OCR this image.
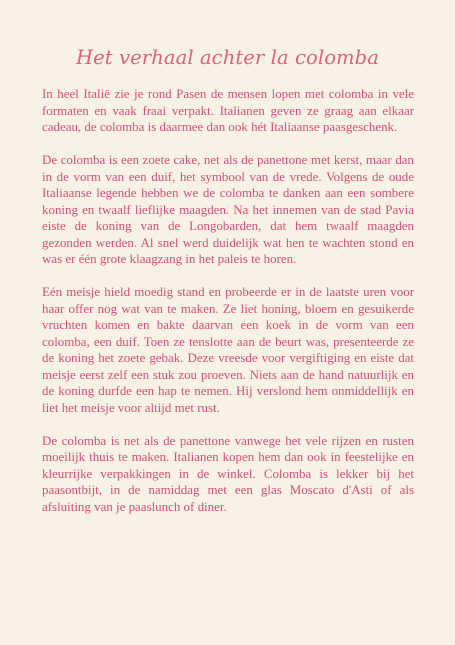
Het verhaal achter la colomba

In heel Italië zie je rond Pasen de mensen lopen met colomba in vele formaten en vaak fraai verpakt. Italianen geven ze graag aan elkaar cadeau, de colomba is daarmee dan ook hét Italiaanse paasgeschenk.

De colomba is een zoete cake, net als de panettone met kerst, maar dan in de vorm van een duif, het symbool van de vrede. Volgens de oude Italiaanse legende hebben we de colomba te danken aan een sombere koning en twaalf lieflijke maagden. Na het innemen van de stad Pavia eiste de koning van de Longobarden, dat hem twaalf maagden gezonden werden. Al snel werd duidelijk wat hen te wachten stond en was er één grote klaagzang in het paleis te horen.

Eén meisje hield moedig stand en probeerde er in de laatste uren voor haar offer nog wat van te maken. Ze liet honing, bloem en gesuikerde vruchten komen en bakte daarvan een koek in de vorm van een colomba, een duif. Toen ze tenslotte aan de beurt was, presenteerde ze de koning het zoete gebak. Deze vreesde voor vergiftiging en eiste dat meisje eerst zelf een stuk zou proeven. Niets aan de hand natuurlijk en de koning durfde een hap te nemen. Hij verslond hem onmiddellijk en liet het meisje voor altijd met rust.

De colomba is net als de panettone vanwege het vele rijzen en rusten moeilijk thuis te maken. Italianen kopen hem dan ook in feestelijke en kleurrijke verpakkingen in de winkel. Colomba is lekker bij het paasontbijt, in de namiddag met een glas Moscato d'Asti of als afsluiting van je paaslunch of diner.
